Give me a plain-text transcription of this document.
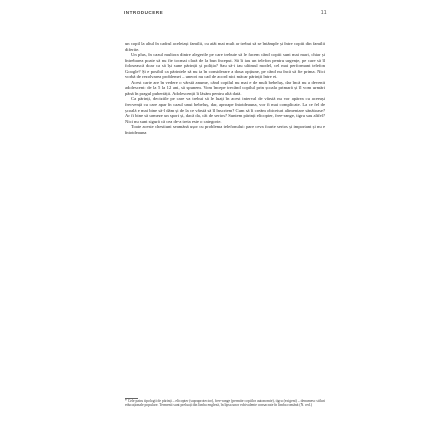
INTRODUCERE	11

un copil la altul în cadrul aceleiași familii, cu atât mai mult ar trebui să se întâmple și între copiii din familii diferite.

Un plus, în cazul multora dintre alegerile pe care trebuie să le facem când copiii sunt mai mari, chiar și întrebarea poate să nu fie tocmai clară de la bun început. Să îi iau un telefon pentru urgențe, pe care să îl folosească doar ca să își sune părinții și poliția? Sau să-i iau ultimul model, cel mai performant telefon Google? Și e posibil ca părintele să nu ia în considerare a doua opțiune, pe când nu încă să fie prima. Nici vorbă de rezolvarea problemei – uneori nu cad de acord nici măcar părinții între ei.

Acest carte are în vedere o vârstă anume, când copilul nu mai e de mult bebeluș, dar încă nu a devenit adolescent: de la 5 la 12 ani, să spunem. Vom începe trecând copilul prin școala primară și îl vom urmări până în pragul pubertății. Adolescenții îi lăsăm pentru altă dată.

Ca părinți, deciziile pe care va trebui să le luați în acest interval de vârstă nu vor apărea cu aceeași frecvență cu care apar în cazul unui bebeluș, dar, aproape întotdeauna, vor fi mai complicate. La ce fel de școală e mai bine să-l dăm și de la ce vârstă să îl înscriem? Cum să îi creăm obiceiuri alimentare sănătoase? Ar fi bine să urmeze un sport și, dacă da, cât de serios? Suntem părinți elicopter, free-range, tigru sau altfel? Nici nu sunt sigură că cea de-a treia este o categorie.

Toate aceste chestiuni seamănă ușor cu problema telefonului: pare ceva foarte serios și important și nu e întotdeauna

* Cele patru tipologii de părinți – elicopter (supraprotector), free-range (permite copiilor autonomie), tigru (exigent) – denumesc stiluri educaționale populare. Termenii sunt preluați din limba engleză, în lipsa unor echivalente consacrate în limba română (N. red.)
